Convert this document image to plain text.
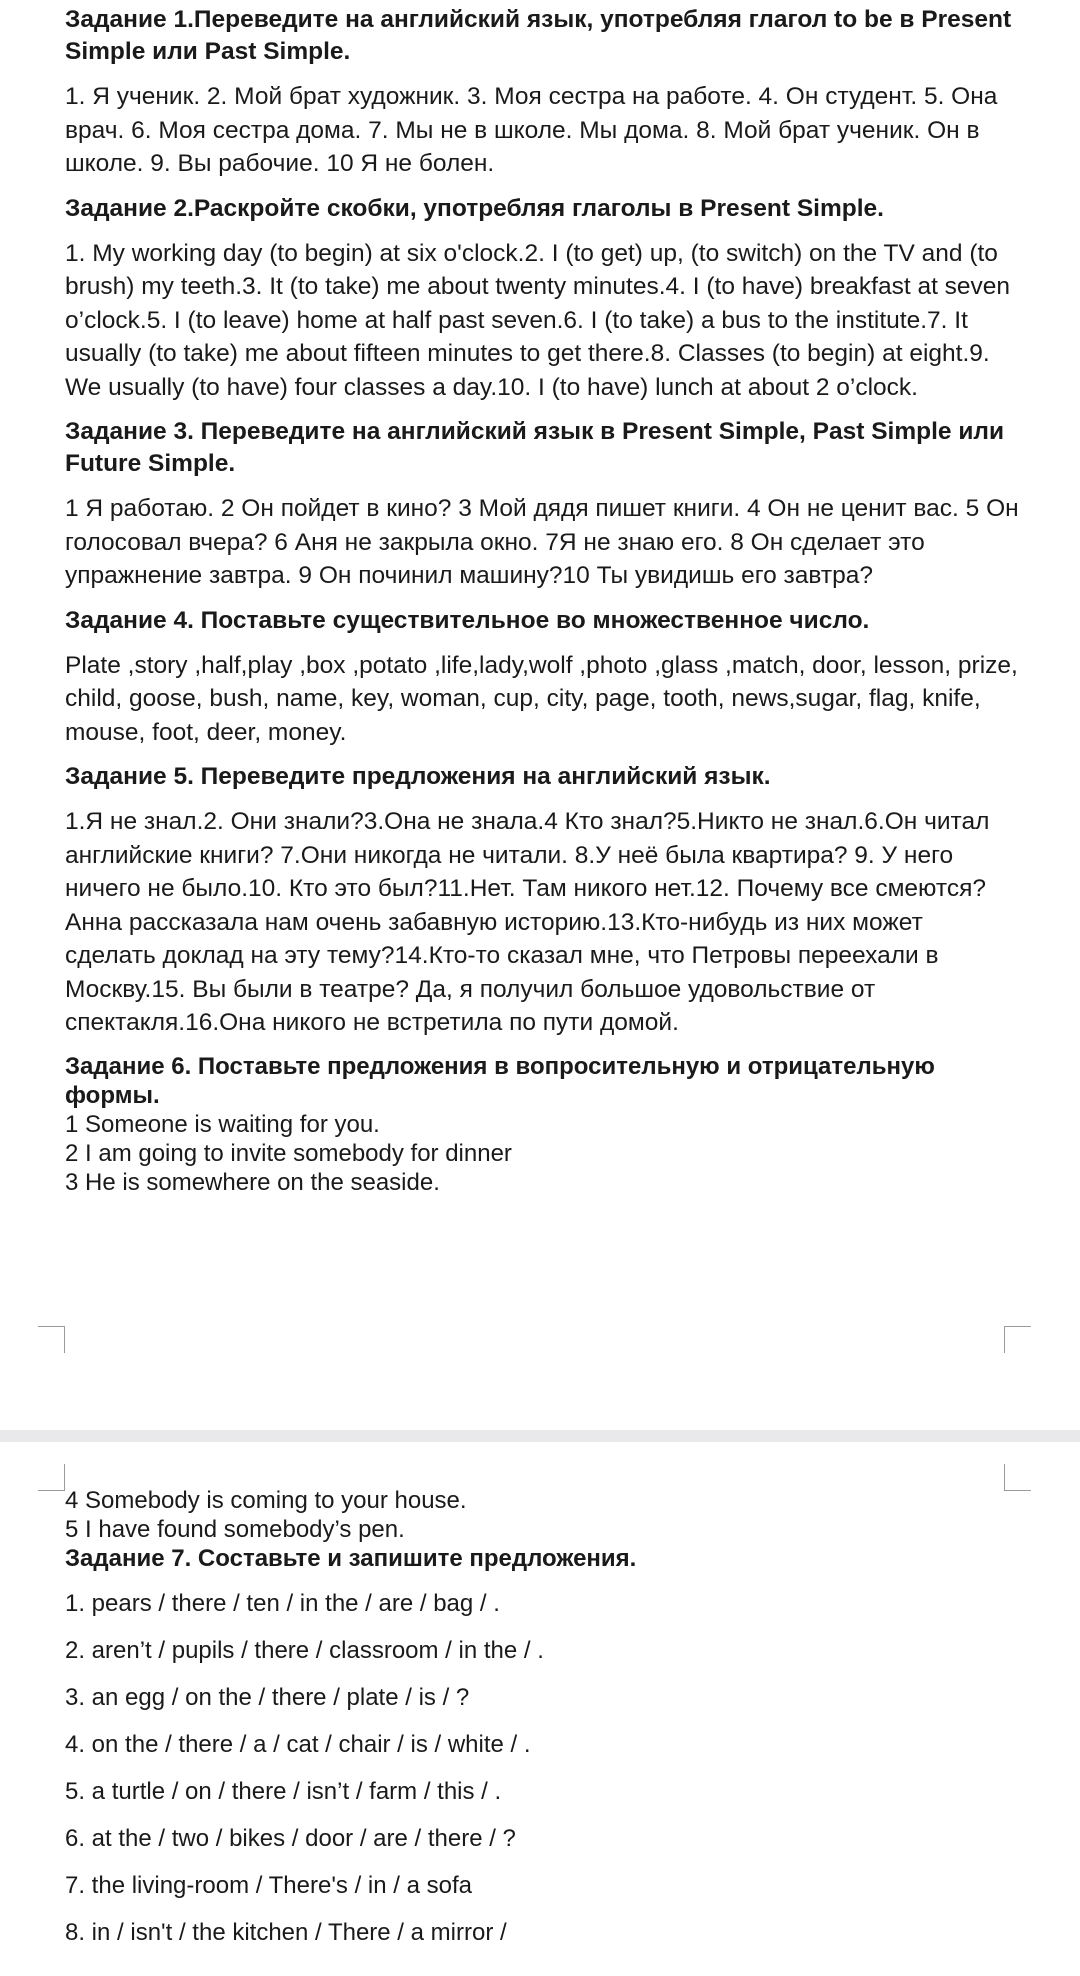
Задание 1.Переведите на английский язык, употребляя глагол to be в Present Simple или Past Simple.

1. Я ученик. 2. Мой брат художник. 3. Моя сестра на работе. 4. Он студент. 5. Она врач. 6. Моя сестра дома. 7. Мы не в школе. Мы дома. 8. Мой брат ученик. Он в школе. 9. Вы рабочие. 10 Я не болен.

Задание 2.Раскройте скобки, употребляя глаголы в Present Simple.

1. My working day (to begin) at six o'clock.2. I (to get) up, (to switch) on the TV and (to brush) my teeth.3. It (to take) me about twenty minutes.4. I (to have) breakfast at seven o’clock.5. I (to leave) home at half past seven.6. I (to take) a bus to the institute.7. It usually (to take) me about fifteen minutes to get there.8. Classes (to begin) at eight.9. We usually (to have) four classes a day.10. I (to have) lunch at about 2 o’clock.

Задание 3. Переведите на английский язык в Present Simple, Past Simple или Future Simple.

1 Я работаю. 2 Он пойдет в кино? 3 Мой дядя пишет книги. 4 Он не ценит вас. 5 Он голосовал вчера? 6 Аня не закрыла окно. 7Я не знаю его. 8 Он сделает это упражнение завтра. 9 Он починил машину?10 Ты увидишь его завтра?

Задание 4. Поставьте существительное во множественное число.

Plate ,story ,half,play ,box ,potato ,life,lady,wolf ,photo ,glass ,match, door, lesson, prize, child, goose, bush, name, key, woman, cup, city, page, tooth, news,sugar, flag, knife, mouse, foot, deer, money.

Задание 5. Переведите предложения на английский язык.

1.Я не знал.2. Они знали?3.Она не знала.4 Кто знал?5.Никто не знал.6.Он читал английские книги? 7.Они никогда не читали. 8.У неё была квартира? 9. У него ничего не было.10. Кто это был?11.Нет. Там никого нет.12. Почему все смеются? Анна рассказала нам очень забавную историю.13.Кто-нибудь из них может сделать доклад на эту тему?14.Кто-то сказал мне, что Петровы переехали в Москву.15. Вы были в театре? Да, я получил большое удовольствие от спектакля.16.Она никого не встретила по пути домой.

Задание 6. Поставьте предложения в вопросительную и отрицательную формы.

1 Someone is waiting for you.

2 I am going to invite somebody for dinner

3 He is somewhere on the seaside.

4 Somebody is coming to your house.

5 I have found somebody’s pen.

Задание 7. Составьте и запишите предложения.

1. pears / there / ten / in the / are / bag / .
2. aren’t / pupils / there / classroom / in the / .
3. an egg / on the / there / plate / is / ?
4. on the / there / a / cat / chair / is / white / .
5. a turtle / on / there / isn’t / farm / this / .
6. at the / two / bikes / door / are / there / ?
7. the living-room / There's / in / a sofa
8. in / isn't / the kitchen / There / a mirror /
